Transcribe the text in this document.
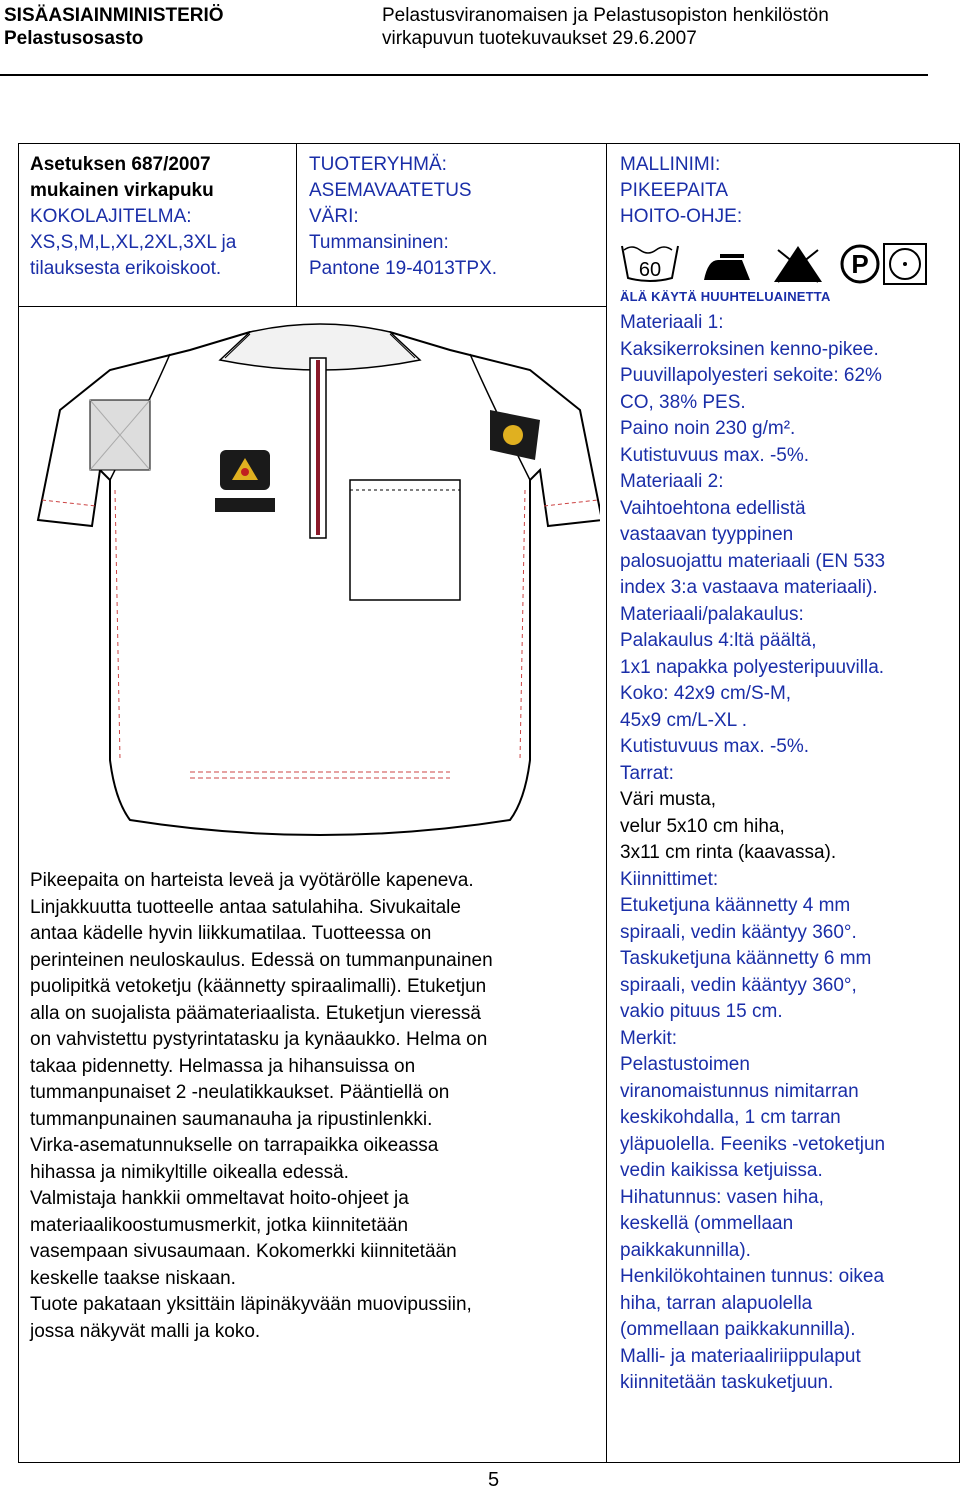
SISÄASIAINMINISTERIÖ
Pelastusosasto
Pelastusviranomaisen ja Pelastusopiston henkilöstön
virkapuvun tuotekuvaukset 29.6.2007
Asetuksen 687/2007
mukainen virkapuku
KOKOLAJITELMA:
XS,S,M,L,XL,2XL,3XL ja
tilauksesta erikoiskoot.
TUOTERYHMÄ:
ASEMAVAATETUS
VÄRI:
Tummansininen:
Pantone 19-4013TPX.
MALLINIMI:
PIKEEPAITA
HOITO-OHJE:
60	P
ÄLÄ KÄYTÄ HUUHTELUAINETTA
Pikeepaita on harteista leveä ja vyötärölle kapeneva.
Linjakkuutta tuotteelle antaa satulahiha. Sivukaitale
antaa kädelle hyvin liikkumatilaa. Tuotteessa on
perinteinen neuloskaulus. Edessä on tummanpunainen
puolipitkä vetoketju (käännetty spiraalimalli). Etuketjun
alla on suojalista päämateriaalista. Etuketjun vieressä
on vahvistettu pystyrintatasku ja kynäaukko. Helma on
takaa pidennetty. Helmassa ja hihansuissa on
tummanpunaiset 2 -neulatikkaukset. Pääntiellä on
tummanpunainen saumanauha ja ripustinlenkki.
Virka-asematunnukselle on tarrapaikka oikeassa
hihassa ja nimikyltille oikealla edessä.
Valmistaja hankkii ommeltavat hoito-ohjeet ja
materiaalikoostumusmerkit, jotka kiinnitetään
vasempaan sivusaumaan. Kokomerkki kiinnitetään
keskelle taakse niskaan.
Tuote pakataan yksittäin läpinäkyvään muovipussiin,
jossa näkyvät malli ja koko.
Materiaali 1:
Kaksikerroksinen kenno-pikee.
Puuvillapolyesteri sekoite: 62%
CO, 38% PES.
Paino noin 230 g/m².
Kutistuvuus max. -5%.
Materiaali 2:
Vaihtoehtona edellistä
vastaavan tyyppinen
palosuojattu materiaali (EN 533
index 3:a vastaava materiaali).
Materiaali/palakaulus:
Palakaulus 4:ltä päältä,
1x1 napakka polyesteripuuvilla.
Koko: 42x9 cm/S-M,
45x9 cm/L-XL .
Kutistuvuus max. -5%.
Tarrat:
Väri musta,
velur 5x10 cm hiha,
3x11 cm rinta (kaavassa).
Kiinnittimet:
Etuketjuna käännetty 4 mm
spiraali, vedin kääntyy 360°.
Taskuketjuna käännetty 6 mm
spiraali, vedin kääntyy 360°,
vakio pituus 15 cm.
Merkit:
Pelastustoimen
viranomaistunnus nimitarran
keskikohdalla, 1 cm tarran
yläpuolella. Feeniks -vetoketjun
vedin kaikissa ketjuissa.
Hihatunnus: vasen hiha,
keskellä (ommellaan
paikkakunnilla).
Henkilökohtainen tunnus: oikea
hiha, tarran alapuolella
(ommellaan paikkakunnilla).
Malli- ja materiaaliriippulaput
kiinnitetään taskuketjuun.
5
